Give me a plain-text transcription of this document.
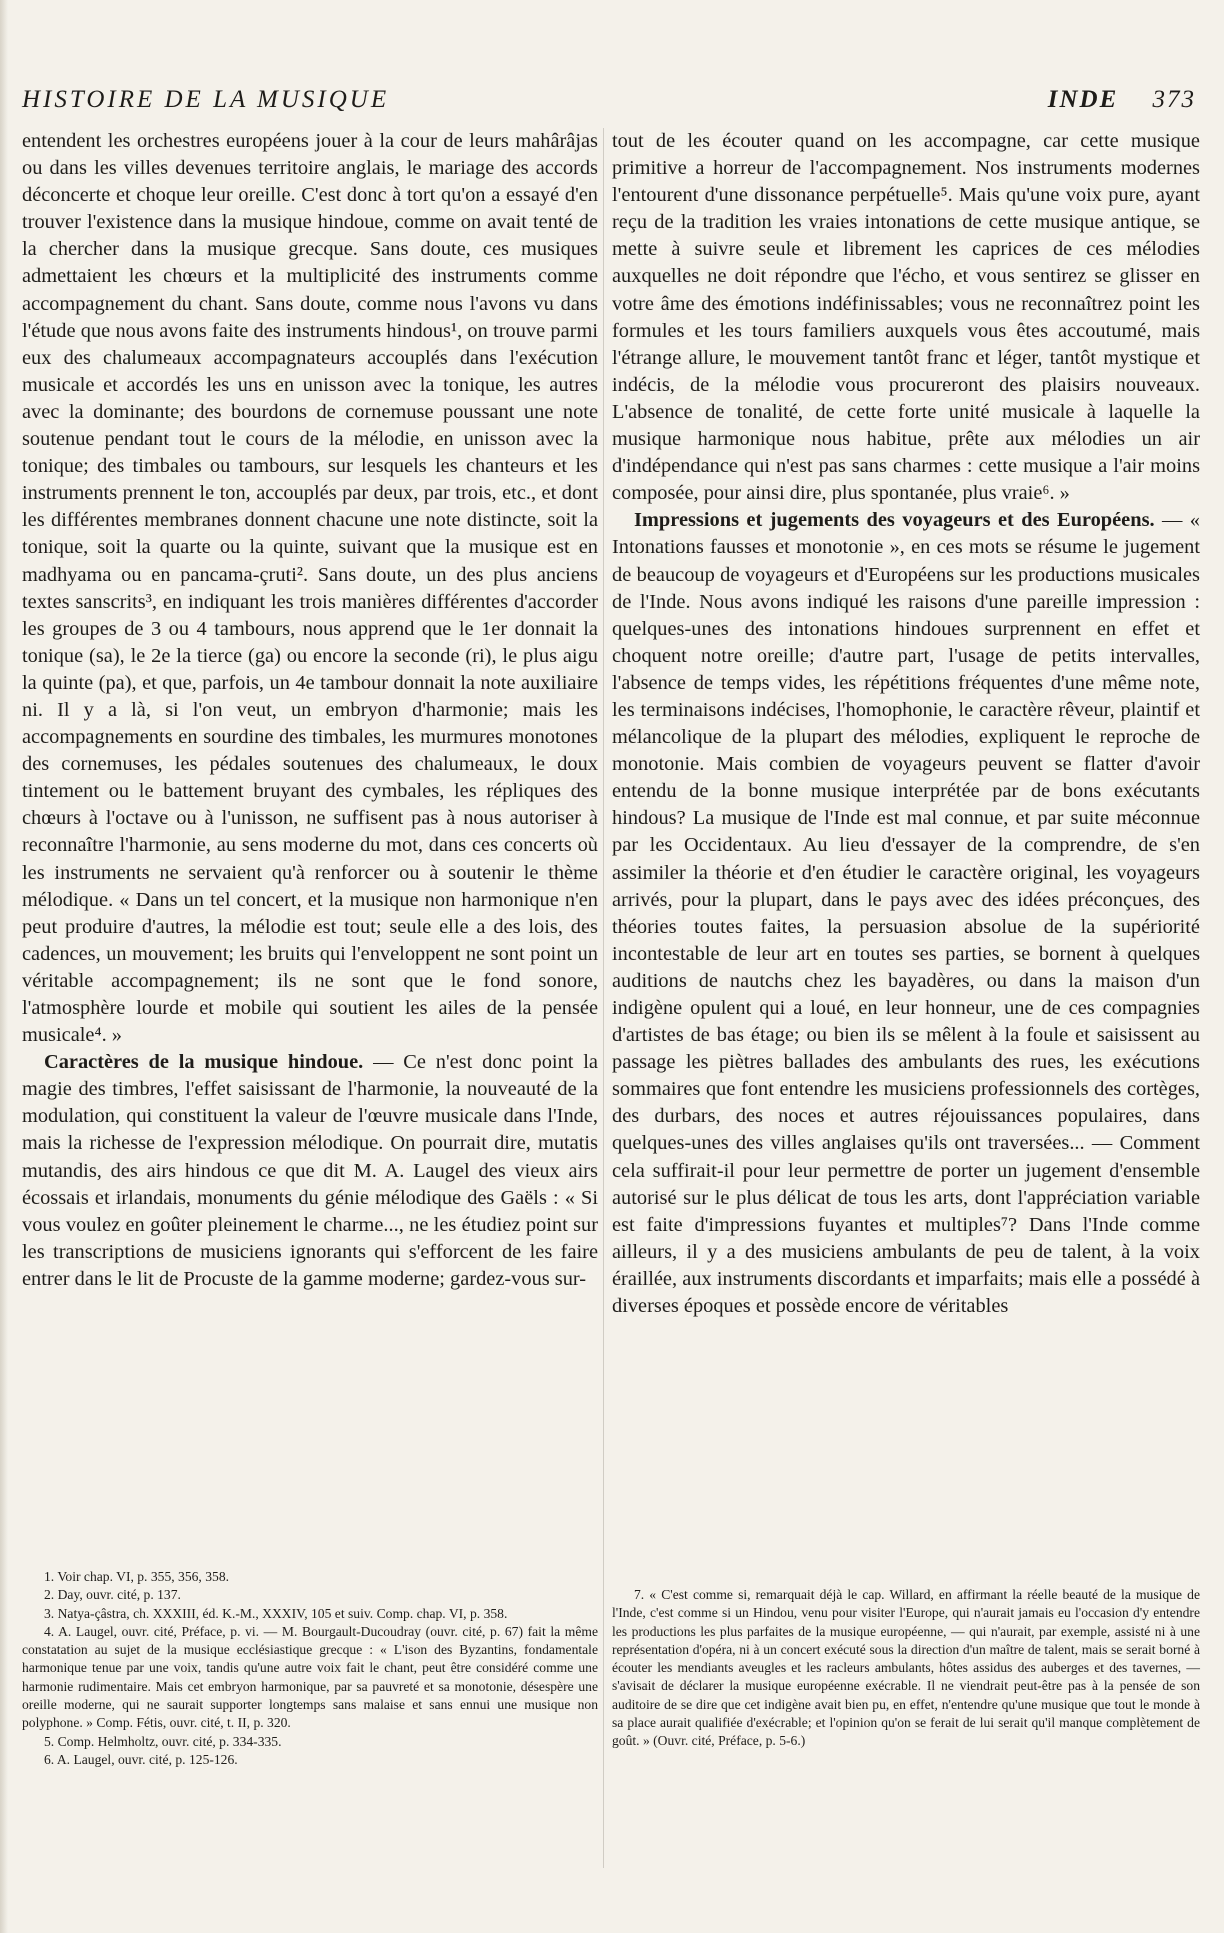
HISTOIRE DE LA MUSIQUE	INDE 373

entendent les orchestres européens jouer à la cour de leurs mahârâjas ou dans les villes devenues territoire anglais, le mariage des accords déconcerte et choque leur oreille. C'est donc à tort qu'on a essayé d'en trouver l'existence dans la musique hindoue, comme on avait tenté de la chercher dans la musique grecque. Sans doute, ces musiques admettaient les chœurs et la multiplicité des instruments comme accompagnement du chant. Sans doute, comme nous l'avons vu dans l'étude que nous avons faite des instruments hindous¹, on trouve parmi eux des chalumeaux accompagnateurs accouplés dans l'exécution musicale et accordés les uns en unisson avec la tonique, les autres avec la dominante; des bourdons de cornemuse poussant une note soutenue pendant tout le cours de la mélodie, en unisson avec la tonique; des timbales ou tambours, sur lesquels les chanteurs et les instruments prennent le ton, accouplés par deux, par trois, etc., et dont les différentes membranes donnent chacune une note distincte, soit la tonique, soit la quarte ou la quinte, suivant que la musique est en madhyama ou en pancama-çruti². Sans doute, un des plus anciens textes sanscrits³, en indiquant les trois manières différentes d'accorder les groupes de 3 ou 4 tambours, nous apprend que le 1er donnait la tonique (sa), le 2e la tierce (ga) ou encore la seconde (ri), le plus aigu la quinte (pa), et que, parfois, un 4e tambour donnait la note auxiliaire ni. Il y a là, si l'on veut, un embryon d'harmonie; mais les accompagnements en sourdine des timbales, les murmures monotones des cornemuses, les pédales soutenues des chalumeaux, le doux tintement ou le battement bruyant des cymbales, les répliques des chœurs à l'octave ou à l'unisson, ne suffisent pas à nous autoriser à reconnaître l'harmonie, au sens moderne du mot, dans ces concerts où les instruments ne servaient qu'à renforcer ou à soutenir le thème mélodique. « Dans un tel concert, et la musique non harmonique n'en peut produire d'autres, la mélodie est tout; seule elle a des lois, des cadences, un mouvement; les bruits qui l'enveloppent ne sont point un véritable accompagnement; ils ne sont que le fond sonore, l'atmosphère lourde et mobile qui soutient les ailes de la pensée musicale⁴. »

Caractères de la musique hindoue. — Ce n'est donc point la magie des timbres, l'effet saisissant de l'harmonie, la nouveauté de la modulation, qui constituent la valeur de l'œuvre musicale dans l'Inde, mais la richesse de l'expression mélodique. On pourrait dire, mutatis mutandis, des airs hindous ce que dit M. A. Laugel des vieux airs écossais et irlandais, monuments du génie mélodique des Gaëls : « Si vous voulez en goûter pleinement le charme..., ne les étudiez point sur les transcriptions de musiciens ignorants qui s'efforcent de les faire entrer dans le lit de Procuste de la gamme moderne; gardez-vous sur-

tout de les écouter quand on les accompagne, car cette musique primitive a horreur de l'accompagnement. Nos instruments modernes l'entourent d'une dissonance perpétuelle⁵. Mais qu'une voix pure, ayant reçu de la tradition les vraies intonations de cette musique antique, se mette à suivre seule et librement les caprices de ces mélodies auxquelles ne doit répondre que l'écho, et vous sentirez se glisser en votre âme des émotions indéfinissables; vous ne reconnaîtrez point les formules et les tours familiers auxquels vous êtes accoutumé, mais l'étrange allure, le mouvement tantôt franc et léger, tantôt mystique et indécis, de la mélodie vous procureront des plaisirs nouveaux. L'absence de tonalité, de cette forte unité musicale à laquelle la musique harmonique nous habitue, prête aux mélodies un air d'indépendance qui n'est pas sans charmes : cette musique a l'air moins composée, pour ainsi dire, plus spontanée, plus vraie⁶. »

Impressions et jugements des voyageurs et des Européens. — « Intonations fausses et monotonie », en ces mots se résume le jugement de beaucoup de voyageurs et d'Européens sur les productions musicales de l'Inde. Nous avons indiqué les raisons d'une pareille impression : quelques-unes des intonations hindoues surprennent en effet et choquent notre oreille; d'autre part, l'usage de petits intervalles, l'absence de temps vides, les répétitions fréquentes d'une même note, les terminaisons indécises, l'homophonie, le caractère rêveur, plaintif et mélancolique de la plupart des mélodies, expliquent le reproche de monotonie. Mais combien de voyageurs peuvent se flatter d'avoir entendu de la bonne musique interprétée par de bons exécutants hindous? La musique de l'Inde est mal connue, et par suite méconnue par les Occidentaux. Au lieu d'essayer de la comprendre, de s'en assimiler la théorie et d'en étudier le caractère original, les voyageurs arrivés, pour la plupart, dans le pays avec des idées préconçues, des théories toutes faites, la persuasion absolue de la supériorité incontestable de leur art en toutes ses parties, se bornent à quelques auditions de nautchs chez les bayadères, ou dans la maison d'un indigène opulent qui a loué, en leur honneur, une de ces compagnies d'artistes de bas étage; ou bien ils se mêlent à la foule et saisissent au passage les piètres ballades des ambulants des rues, les exécutions sommaires que font entendre les musiciens professionnels des cortèges, des durbars, des noces et autres réjouissances populaires, dans quelques-unes des villes anglaises qu'ils ont traversées... — Comment cela suffirait-il pour leur permettre de porter un jugement d'ensemble autorisé sur le plus délicat de tous les arts, dont l'appréciation variable est faite d'impressions fuyantes et multiples⁷? Dans l'Inde comme ailleurs, il y a des musiciens ambulants de peu de talent, à la voix éraillée, aux instruments discordants et imparfaits; mais elle a possédé à diverses époques et possède encore de véritables

1. Voir chap. VI, p. 355, 356, 358.

2. Day, ouvr. cité, p. 137.

3. Natya-çâstra, ch. XXXIII, éd. K.-M., XXXIV, 105 et suiv. Comp. chap. VI, p. 358.

4. A. Laugel, ouvr. cité, Préface, p. vi. — M. Bourgault-Ducoudray (ouvr. cité, p. 67) fait la même constatation au sujet de la musique ecclésiastique grecque : « L'ison des Byzantins, fondamentale harmonique tenue par une voix, tandis qu'une autre voix fait le chant, peut être considéré comme une harmonie rudimentaire. Mais cet embryon harmonique, par sa pauvreté et sa monotonie, désespère une oreille moderne, qui ne saurait supporter longtemps sans malaise et sans ennui une musique non polyphone. » Comp. Fétis, ouvr. cité, t. II, p. 320.

5. Comp. Helmholtz, ouvr. cité, p. 334-335.

6. A. Laugel, ouvr. cité, p. 125-126.

7. « C'est comme si, remarquait déjà le cap. Willard, en affirmant la réelle beauté de la musique de l'Inde, c'est comme si un Hindou, venu pour visiter l'Europe, qui n'aurait jamais eu l'occasion d'y entendre les productions les plus parfaites de la musique européenne, — qui n'aurait, par exemple, assisté ni à une représentation d'opéra, ni à un concert exécuté sous la direction d'un maître de talent, mais se serait borné à écouter les mendiants aveugles et les racleurs ambulants, hôtes assidus des auberges et des tavernes, — s'avisait de déclarer la musique européenne exécrable. Il ne viendrait peut-être pas à la pensée de son auditoire de se dire que cet indigène avait bien pu, en effet, n'entendre qu'une musique que tout le monde à sa place aurait qualifiée d'exécrable; et l'opinion qu'on se ferait de lui serait qu'il manque complètement de goût. » (Ouvr. cité, Préface, p. 5-6.)
